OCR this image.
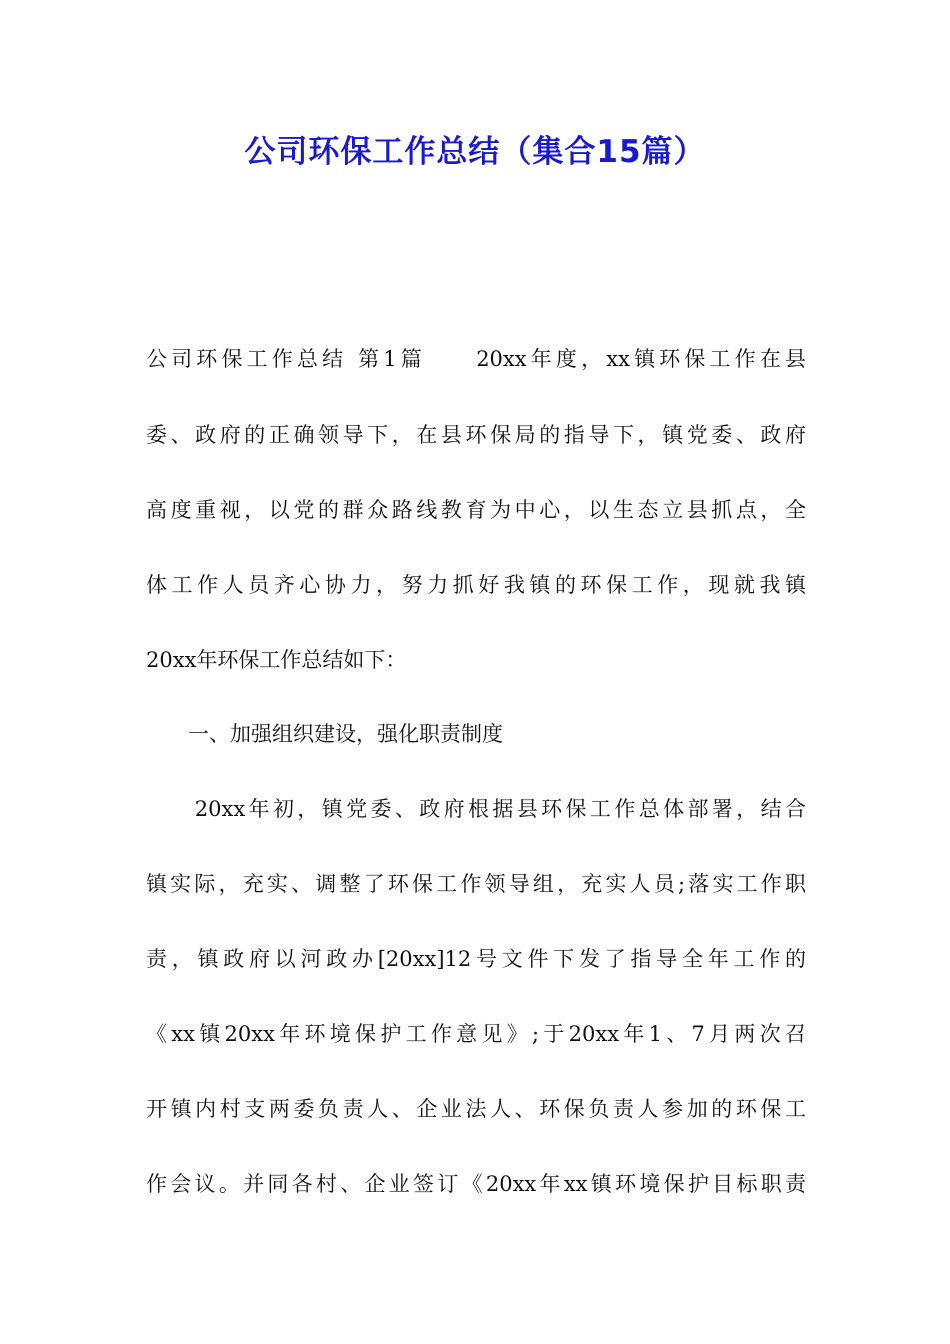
公司环保工作总结（集合15篇）
公司环保工作总结 第1篇　　20xx年度，xx镇环保工作在县
委、政府的正确领导下，在县环保局的指导下，镇党委、政府
高度重视，以党的群众路线教育为中心，以生态立县抓点，全
体工作人员齐心协力，努力抓好我镇的环保工作，现就我镇
20xx年环保工作总结如下：
　　一、加强组织建设，强化职责制度
　　20xx年初，镇党委、政府根据县环保工作总体部署，结合
镇实际，充实、调整了环保工作领导组，充实人员;落实工作职
责，镇政府以河政办[20xx]12号文件下发了指导全年工作的
《xx镇20xx年环境保护工作意见》;于20xx年1、7月两次召
开镇内村支两委负责人、企业法人、环保负责人参加的环保工
作会议。并同各村、企业签订《20xx年xx镇环境保护目标职责
